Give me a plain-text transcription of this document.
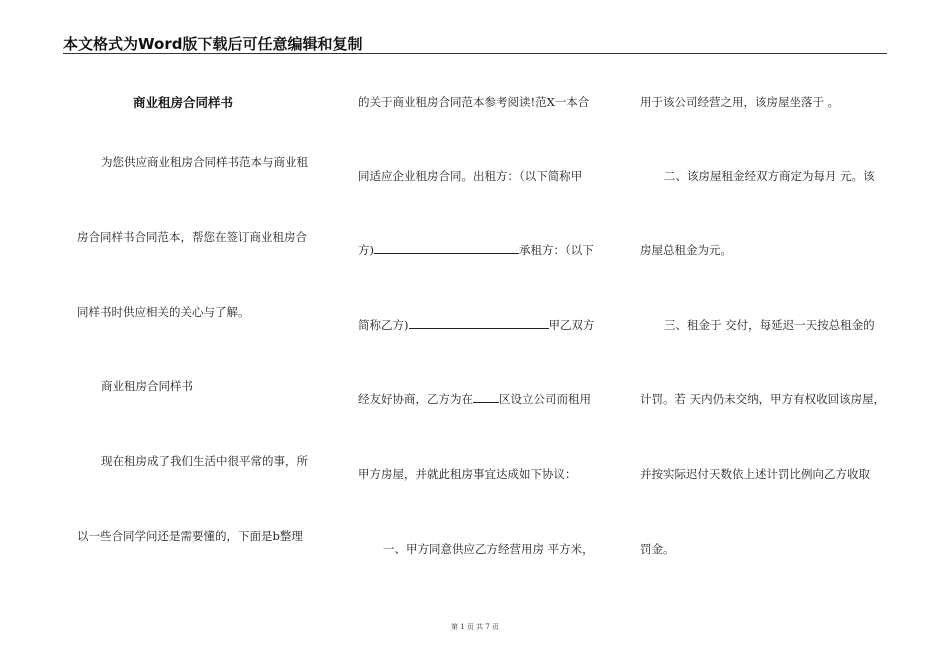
本文格式为Word版下载后可任意编辑和复制
商业租房合同样书
为您供应商业租房合同样书范本与商业租
房合同样书合同范本，帮您在签订商业租房合
同样书时供应相关的关心与了解。
商业租房合同样书
现在租房成了我们生活中很平常的事，所
以一些合同学问还是需要懂的，下面是b整理
的关于商业租房合同范本参考阅读!范X一本合
同适应企业租房合同。出租方：（以下简称甲
方)	承租方：（以下
简称乙方)	甲乙双方
经友好协商，乙方为在 区设立公司而租用
甲方房屋，并就此租房事宜达成如下协议：
一、甲方同意供应乙方经营用房 平方米，
用于该公司经营之用，该房屋坐落于 。
二、该房屋租金经双方商定为每月 元。该
房屋总租金为元。
三、租金于 交付，每延迟一天按总租金的
计罚。若 天内仍未交纳，甲方有权收回该房屋，
并按实际迟付天数依上述计罚比例向乙方收取
罚金。
第 1 页 共 7 页
